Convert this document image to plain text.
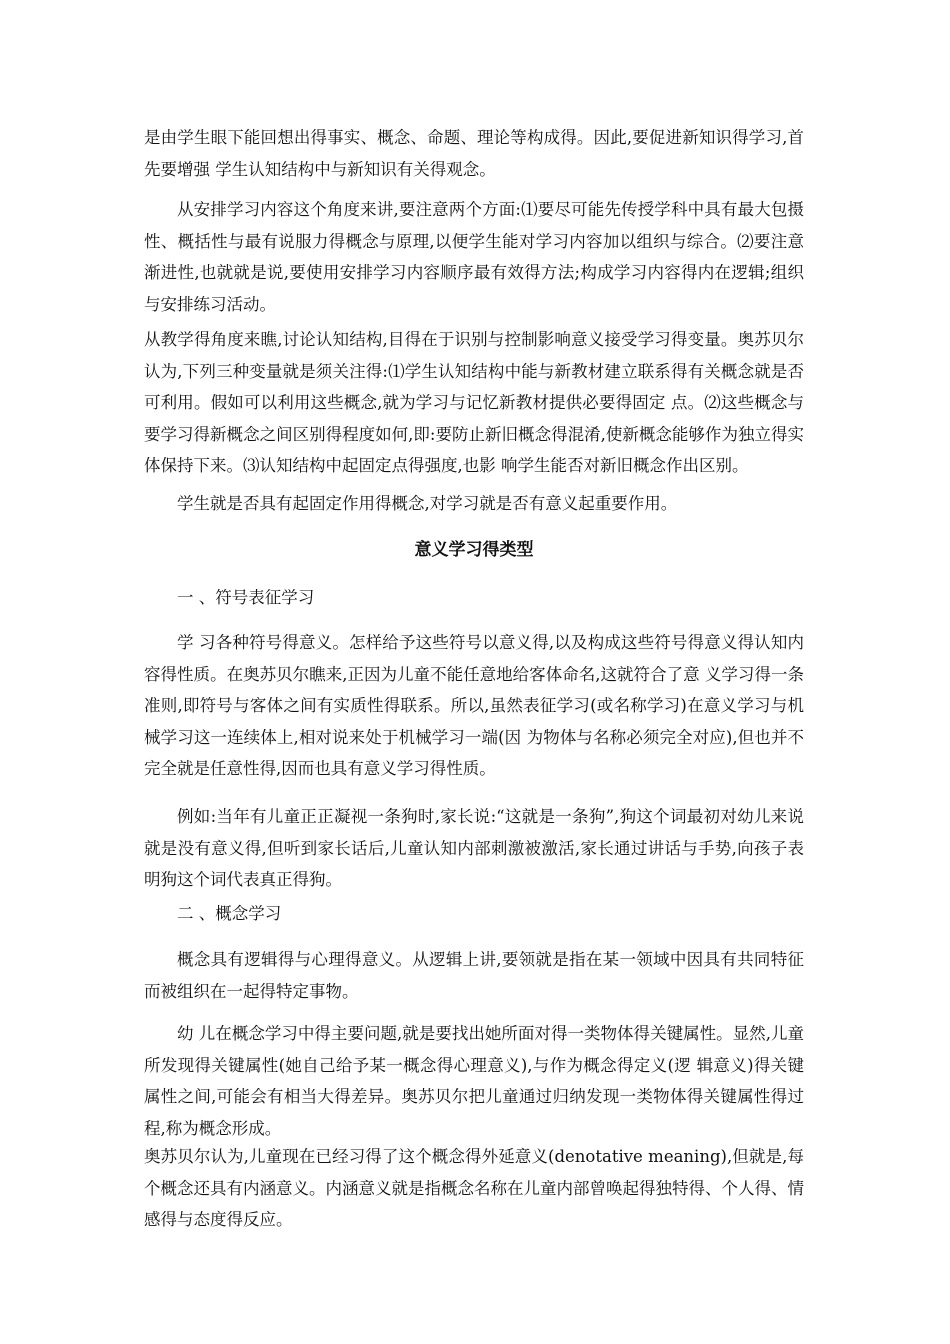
是由学生眼下能回想出得事实、概念、命题、理论等构成得。因此,要促进新知识得学习,首先要增强 学生认知结构中与新知识有关得观念。

从安排学习内容这个角度来讲,要注意两个方面:⑴要尽可能先传授学科中具有最大包摄性、概括性与最有说服力得概念与原理,以便学生能对学习内容加以组织与综合。⑵要注意渐进性,也就就是说,要使用安排学习内容顺序最有效得方法;构成学习内容得内在逻辑;组织与安排练习活动。

从教学得角度来瞧,讨论认知结构,目得在于识别与控制影响意义接受学习得变量。奥苏贝尔 认为,下列三种变量就是须关注得:⑴学生认知结构中能与新教材建立联系得有关概念就是否可利用。假如可以利用这些概念,就为学习与记忆新教材提供必要得固定 点。⑵这些概念与要学习得新概念之间区别得程度如何,即:要防止新旧概念得混淆,使新概念能够作为独立得实体保持下来。⑶认知结构中起固定点得强度,也影 响学生能否对新旧概念作出区别。

学生就是否具有起固定作用得概念,对学习就是否有意义起重要作用。

意义学习得类型

一 、符号表征学习

学 习各种符号得意义。怎样给予这些符号以意义得,以及构成这些符号得意义得认知内容得性质。在奥苏贝尔瞧来,正因为儿童不能任意地给客体命名,这就符合了意 义学习得一条准则,即符号与客体之间有实质性得联系。所以,虽然表征学习(或名称学习)在意义学习与机械学习这一连续体上,相对说来处于机械学习一端(因 为物体与名称必须完全对应),但也并不完全就是任意性得,因而也具有意义学习得性质。

例如:当年有儿童正正凝视一条狗时,家长说:“这就是一条狗”,狗这个词最初对幼儿来说就是没有意义得,但听到家长话后,儿童认知内部刺激被激活,家长通过讲话与手势,向孩子表明狗这个词代表真正得狗。

二 、概念学习

概念具有逻辑得与心理得意义。从逻辑上讲,要领就是指在某一领域中因具有共同特征而被组织在一起得特定事物。

幼 儿在概念学习中得主要问题,就是要找出她所面对得一类物体得关键属性。显然,儿童所发现得关键属性(她自己给予某一概念得心理意义),与作为概念得定义(逻 辑意义)得关键属性之间,可能会有相当大得差异。奥苏贝尔把儿童通过归纳发现一类物体得关键属性得过程,称为概念形成。

奥苏贝尔认为,儿童现在已经习得了这个概念得外延意义(denotative meaning),但就是,每个概念还具有内涵意义。内涵意义就是指概念名称在儿童内部曾唤起得独特得、个人得、情感得与态度得反应。
